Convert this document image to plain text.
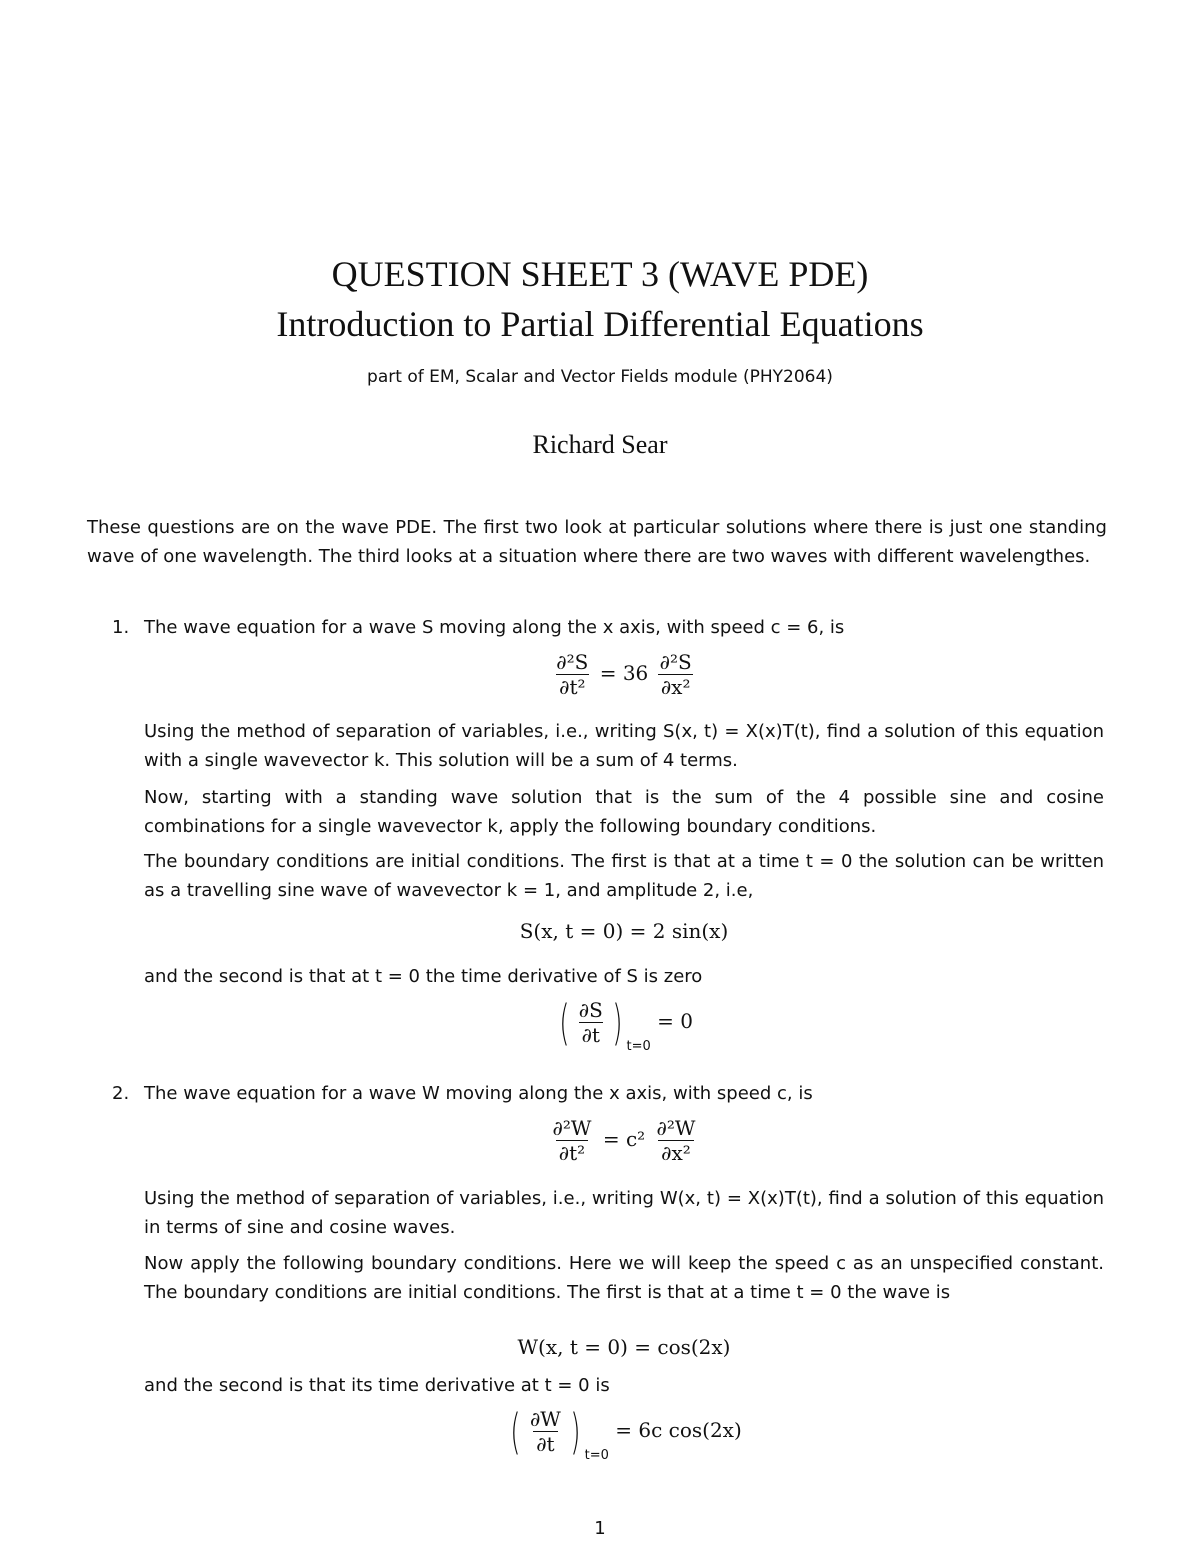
QUESTION SHEET 3 (WAVE PDE)
Introduction to Partial Differential Equations
part of EM, Scalar and Vector Fields module (PHY2064)
Richard Sear
These questions are on the wave PDE. The first two look at particular solutions where there is just one standing wave of one wavelength. The third looks at a situation where there are two waves with different wavelengthes.
1. The wave equation for a wave S moving along the x axis, with speed c = 6, is
$\frac{\text{∂²S}}{\text{∂t²}} = 36 \frac{\text{∂²S}}{\text{∂x²}}$
Using the method of separation of variables, i.e., writing S(x, t) = X(x)T(t), find a solution of this equation with a single wavevector k. This solution will be a sum of 4 terms.
Now, starting with a standing wave solution that is the sum of the 4 possible sine and cosine combinations for a single wavevector k, apply the following boundary conditions.
The boundary conditions are initial conditions. The first is that at a time t = 0 the solution can be written as a travelling sine wave of wavevector k = 1, and amplitude 2, i.e,
S(x, t = 0) = 2 sin(x)
and the second is that at t = 0 the time derivative of S is zero
( $\frac{\partial S}{\partial t}$ ) $_{t=0}$ = 0
2. The wave equation for a wave W moving along the x axis, with speed c, is
$\frac{\text{∂²W}}{\text{∂t²}} = c^2 \frac{\text{∂²W}}{\text{∂x²}}$
Using the method of separation of variables, i.e., writing W(x, t) = X(x)T(t), find a solution of this equation in terms of sine and cosine waves.
Now apply the following boundary conditions. Here we will keep the speed c as an unspecified constant. The boundary conditions are initial conditions. The first is that at a time t = 0 the wave is
W(x, t = 0) = cos(2x)
and the second is that its time derivative at t = 0 is
( $\frac{\partial W}{\partial t}$ ) $_{t=0}$ = 6c cos(2x)
1
